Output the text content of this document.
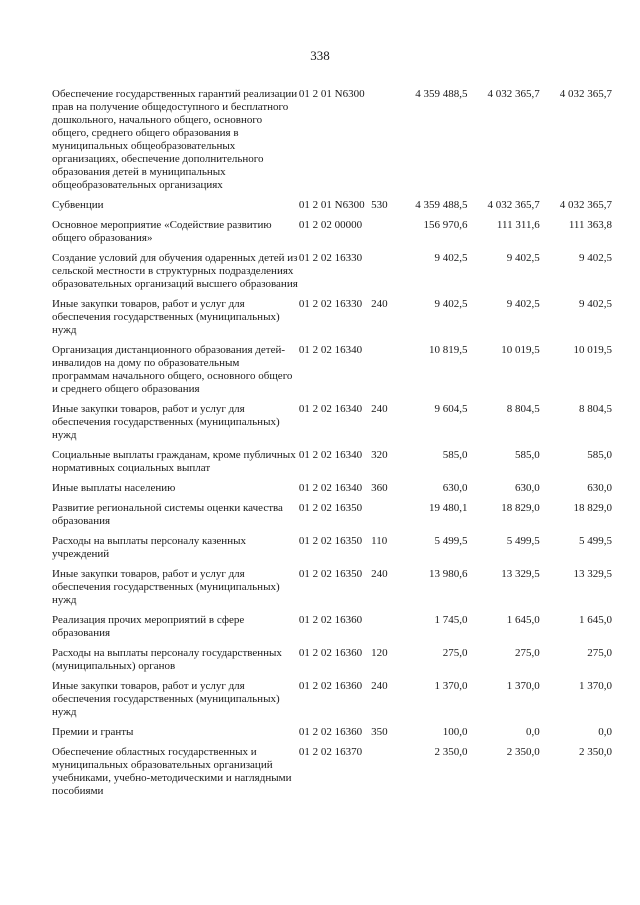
338
Обеспечение государственных гарантий реализации прав на получение общедоступного и бесплатного дошкольного, начального общего, основного общего, среднего общего образования в муниципальных общеобразовательных организациях, обеспечение дополнительного образования детей в муниципальных общеобразовательных организациях	01 2 01 N6300		4 359 488,5	4 032 365,7	4 032 365,7
Субвенции	01 2 01 N6300	530	4 359 488,5	4 032 365,7	4 032 365,7
Основное мероприятие «Содействие развитию общего образования»	01 2 02 00000		156 970,6	111 311,6	111 363,8
Создание условий для обучения одаренных детей из сельской местности в структурных подразделениях образовательных организаций высшего образования	01 2 02 16330		9 402,5	9 402,5	9 402,5
Иные закупки товаров, работ и услуг для обеспечения государственных (муниципальных) нужд	01 2 02 16330	240	9 402,5	9 402,5	9 402,5
Организация дистанционного образования детей-инвалидов на дому по образовательным программам начального общего, основного общего и среднего общего образования	01 2 02 16340		10 819,5	10 019,5	10 019,5
Иные закупки товаров, работ и услуг для обеспечения государственных (муниципальных) нужд	01 2 02 16340	240	9 604,5	8 804,5	8 804,5
Социальные выплаты гражданам, кроме публичных нормативных социальных выплат	01 2 02 16340	320	585,0	585,0	585,0
Иные выплаты населению	01 2 02 16340	360	630,0	630,0	630,0
Развитие региональной системы оценки качества образования	01 2 02 16350		19 480,1	18 829,0	18 829,0
Расходы на выплаты персоналу казенных учреждений	01 2 02 16350	110	5 499,5	5 499,5	5 499,5
Иные закупки товаров, работ и услуг для обеспечения государственных (муниципальных) нужд	01 2 02 16350	240	13 980,6	13 329,5	13 329,5
Реализация прочих мероприятий в сфере образования	01 2 02 16360		1 745,0	1 645,0	1 645,0
Расходы на выплаты персоналу государственных (муниципальных) органов	01 2 02 16360	120	275,0	275,0	275,0
Иные закупки товаров, работ и услуг для обеспечения государственных (муниципальных) нужд	01 2 02 16360	240	1 370,0	1 370,0	1 370,0
Премии и гранты	01 2 02 16360	350	100,0	0,0	0,0
Обеспечение областных государственных и муниципальных образовательных организаций учебниками, учебно-методическими и наглядными пособиями	01 2 02 16370		2 350,0	2 350,0	2 350,0
